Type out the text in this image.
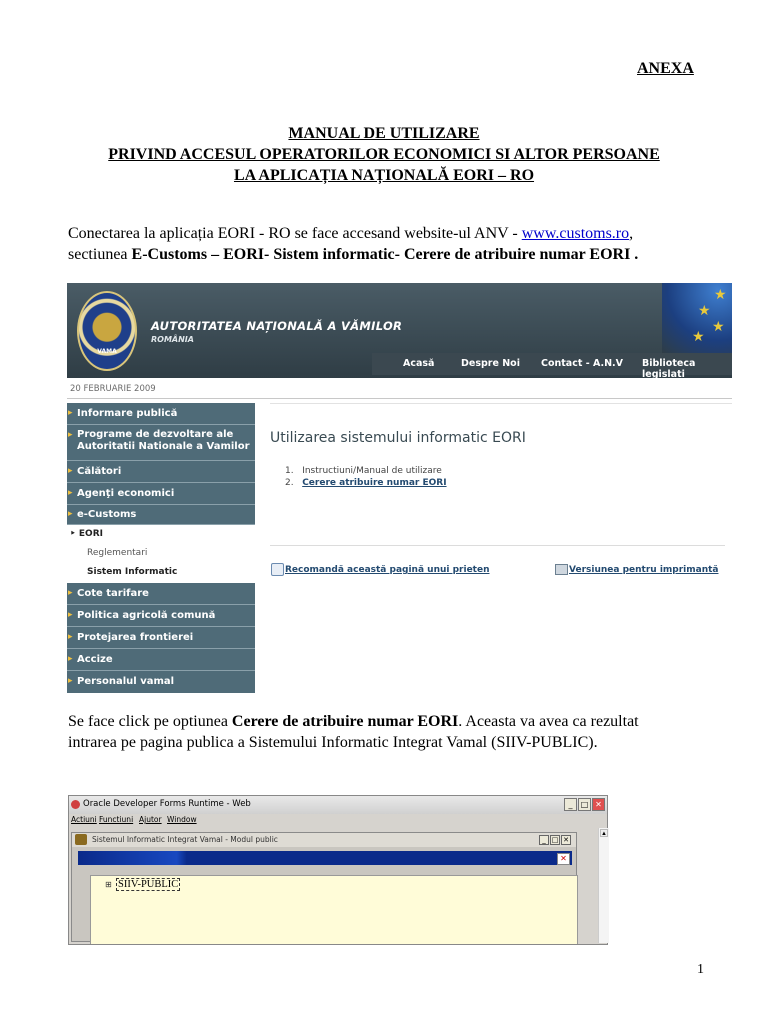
ANEXA
MANUAL DE UTILIZARE
PRIVIND ACCESUL OPERATORILOR ECONOMICI SI ALTOR PERSOANE
LA APLICAȚIA NAȚIONALĂ EORI – RO
Conectarea la aplicația EORI - RO se face accesand website-ul ANV - www.customs.ro,
sectiunea E-Customs – EORI- Sistem informatic- Cerere de atribuire numar EORI .
VAMA
AUTORITATEA NAȚIONALĂ A VĂMILOR
ROMÂNIA
★
★
★
★
Acasă	Despre Noi Contact - A.N.V Biblioteca legislati
20 FEBRUARIE 2009
▸ Informare publică
▸ Programe de dezvoltare ale
Autoritatii Nationale a Vamilor
▸ Călători
▸ Agenţi economici
▸ e-Customs
‣ EORI
Reglementari
Sistem Informatic
▸ Cote tarifare
▸ Politica agricolă comună
▸ Protejarea frontierei
▸ Accize
▸ Personalul vamal
Utilizarea sistemului informatic EORI
1. Instructiuni/Manual de utilizare
2. Cerere atribuire numar EORI
Recomandă această pagină unui prieten	Versiunea pentru imprimantă
Se face click pe optiunea Cerere de atribuire numar EORI. Aceasta va avea ca rezultat
intrarea pe pagina publica a Sistemului Informatic Integrat Vamal (SIIV-PUBLIC).
Oracle Developer Forms Runtime - Web	_	□ ✕
Actiuni Functiuni Ajutor Window
Sistemul Informatic Integrat Vamal - Modul public	_ □ ✕
✕
⊞ SIIV-PUBLIC
▲
1
